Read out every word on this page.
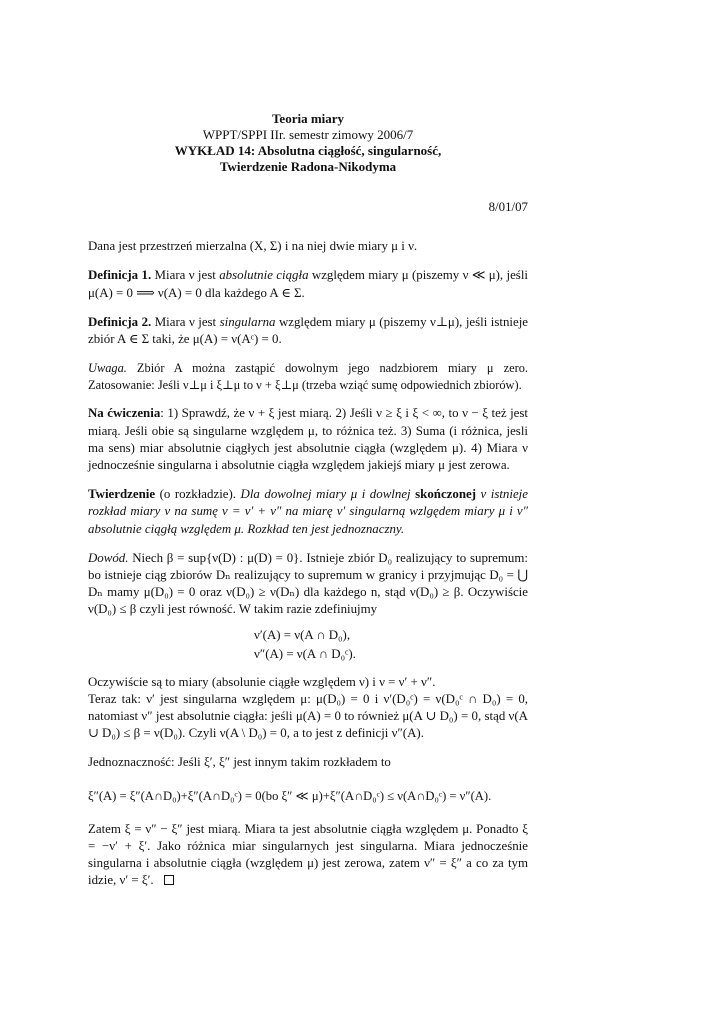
Teoria miary
WPPT/SPPI IIr. semestr zimowy 2006/7
WYKŁAD 14: Absolutna ciągłość, singularność,
Twierdzenie Radona-Nikodyma
8/01/07

Dana jest przestrzeń mierzalna (X, Σ) i na niej dwie miary μ i ν.

Definicja 1. Miara ν jest absolutnie ciągła względem miary μ (piszemy ν ≪ μ), jeśli μ(A) = 0 ⟹ ν(A) = 0 dla każdego A ∈ Σ.

Definicja 2. Miara ν jest singularna względem miary μ (piszemy ν⊥μ), jeśli istnieje zbiór A ∈ Σ taki, że μ(A) = ν(Aᶜ) = 0.

Uwaga. Zbiór A można zastąpić dowolnym jego nadzbiorem miary μ zero. Zatosowanie: Jeśli ν⊥μ i ξ⊥μ to ν + ξ⊥μ (trzeba wziąć sumę odpowiednich zbiorów).

Na ćwiczenia: 1) Sprawdź, że ν + ξ jest miarą. 2) Jeśli ν ≥ ξ i ξ < ∞, to ν − ξ też jest miarą. Jeśli obie są singularne względem μ, to różnica też. 3) Suma (i różnica, jesli ma sens) miar absolutnie ciągłych jest absolutnie ciągła (względem μ). 4) Miara ν jednocześnie singularna i absolutnie ciągła względem jakiejś miary μ jest zerowa.

Twierdzenie (o rozkładzie). Dla dowolnej miary μ i dowlnej skończonej ν istnieje rozkład miary ν na sumę ν = ν′ + ν″ na miarę ν′ singularną wzlgędem miary μ i ν″ absolutnie ciągłą względem μ. Rozkład ten jest jednoznaczny.

Dowód. Niech β = sup{ν(D) : μ(D) = 0}. Istnieje zbiór D₀ realizujący to supremum: bo istnieje ciąg zbiorów Dₙ realizujący to supremum w granicy i przyjmując D₀ = ⋃ Dₙ mamy μ(D₀) = 0 oraz ν(D₀) ≥ ν(Dₙ) dla każdego n, stąd ν(D₀) ≥ β. Oczywiście ν(D₀) ≤ β czyli jest równość. W takim razie zdefiniujmy

ν′(A) = ν(A ∩ D₀),
ν″(A) = ν(A ∩ D₀ᶜ).

Oczywiście są to miary (absolunie ciągłe względem ν) i ν = ν′ + ν″.

Teraz tak: ν′ jest singularna względem μ: μ(D₀) = 0 i ν′(D₀ᶜ) = ν(D₀ᶜ ∩ D₀) = 0, natomiast ν″ jest absolutnie ciągła: jeśli μ(A) = 0 to również μ(A ∪ D₀) = 0, stąd ν(A ∪ D₀) ≤ β = ν(D₀). Czyli ν(A \ D₀) = 0, a to jest z definicji ν″(A).

Jednoznaczność: Jeśli ξ′, ξ″ jest innym takim rozkładem to

ξ″(A) = ξ″(A∩D₀)+ξ″(A∩D₀ᶜ) = 0(bo ξ″ ≪ μ)+ξ″(A∩D₀ᶜ) ≤ ν(A∩D₀ᶜ) = ν″(A).

Zatem ξ = ν″ − ξ″ jest miarą. Miara ta jest absolutnie ciągła względem μ. Ponadto ξ = −ν′ + ξ′. Jako różnica miar singularnych jest singularna. Miara jednocześnie singularna i absolutnie ciągła (względem μ) jest zerowa, zatem ν″ = ξ″ a co za tym idzie, ν′ = ξ′.
